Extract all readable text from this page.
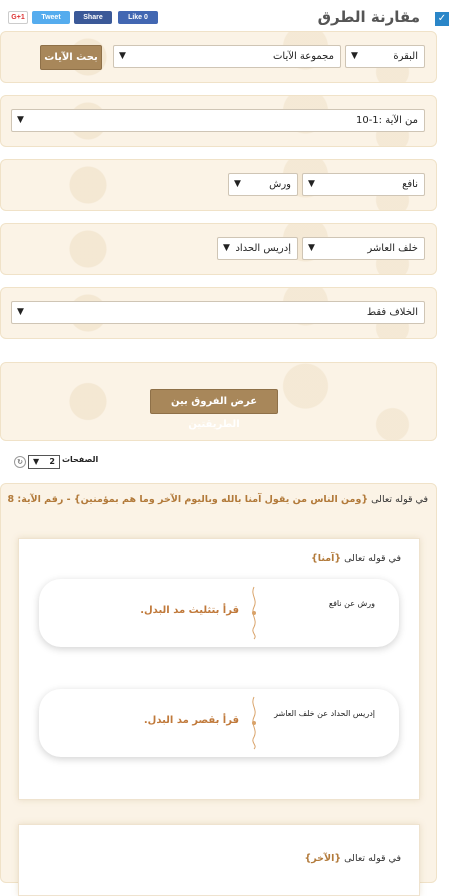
G+1	Tweet	Share	Like 0	مقارنة الطرق ✓
البقرة
▼
مجموعة الآيات
▼
بحث الآيات
من الآية :1-10
▼
نافع
▼
ورش
▼
خلف العاشر
▼
إدريس الحداد
▼
الخلاف فقط
▼
عرض الفروق بين الطريقتين
↻	▼ 2 الصفحات
في قوله تعالى {ومن الناس من يقول آمنا بالله وباليوم الآخر وما هم بمؤمنين} - رقم الآية: 8
في قوله تعالى {آمنا}
ورش عن نافع
قرأ بتثليث مد البدل.
إدريس الحداد عن خلف العاشر
قرأ بقصر مد البدل.
في قوله تعالى {الآخر}
